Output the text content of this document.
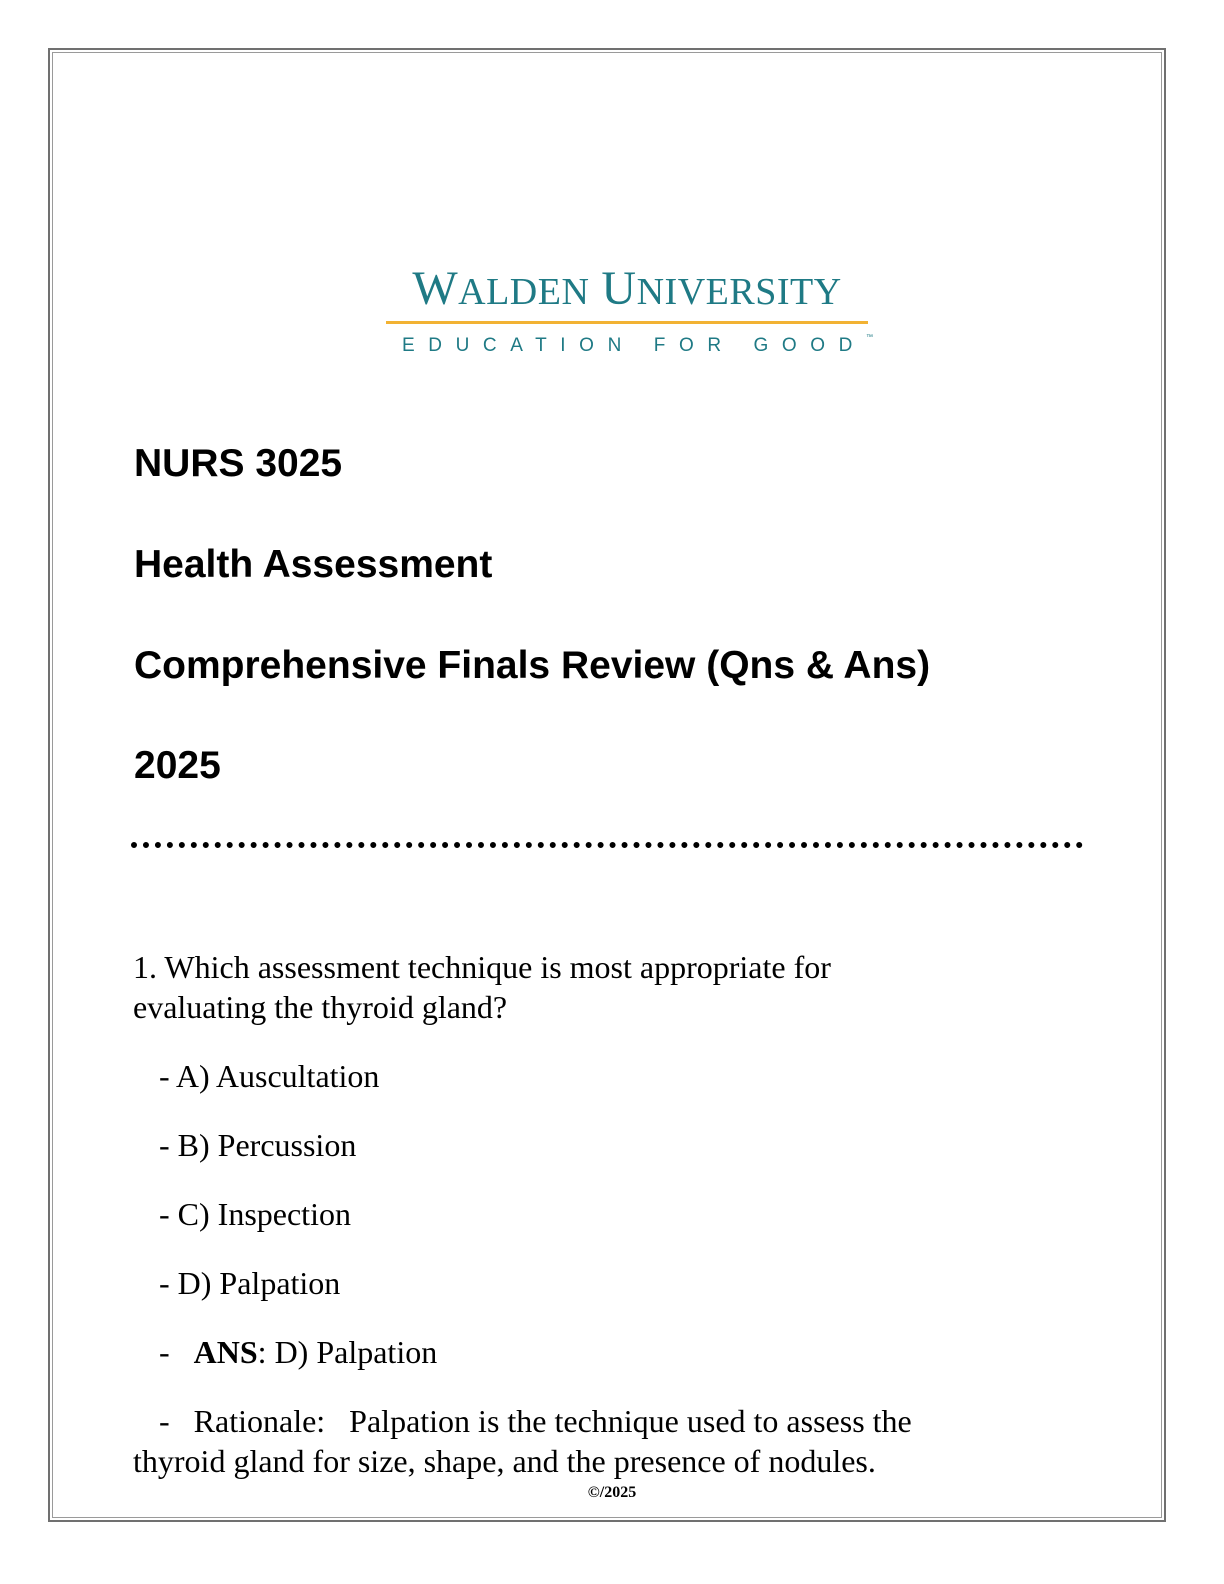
WALDEN UNIVERSITY
EDUCATION FOR GOOD™
NURS 3025
Health Assessment
Comprehensive Finals Review (Qns & Ans)
2025
1. Which assessment technique is most appropriate for
evaluating the thyroid gland?
- A) Auscultation
- B) Percussion
- C) Inspection
- D) Palpation
-   ANS: D) Palpation
-   Rationale:   Palpation is the technique used to assess the
thyroid gland for size, shape, and the presence of nodules.
©/2025
